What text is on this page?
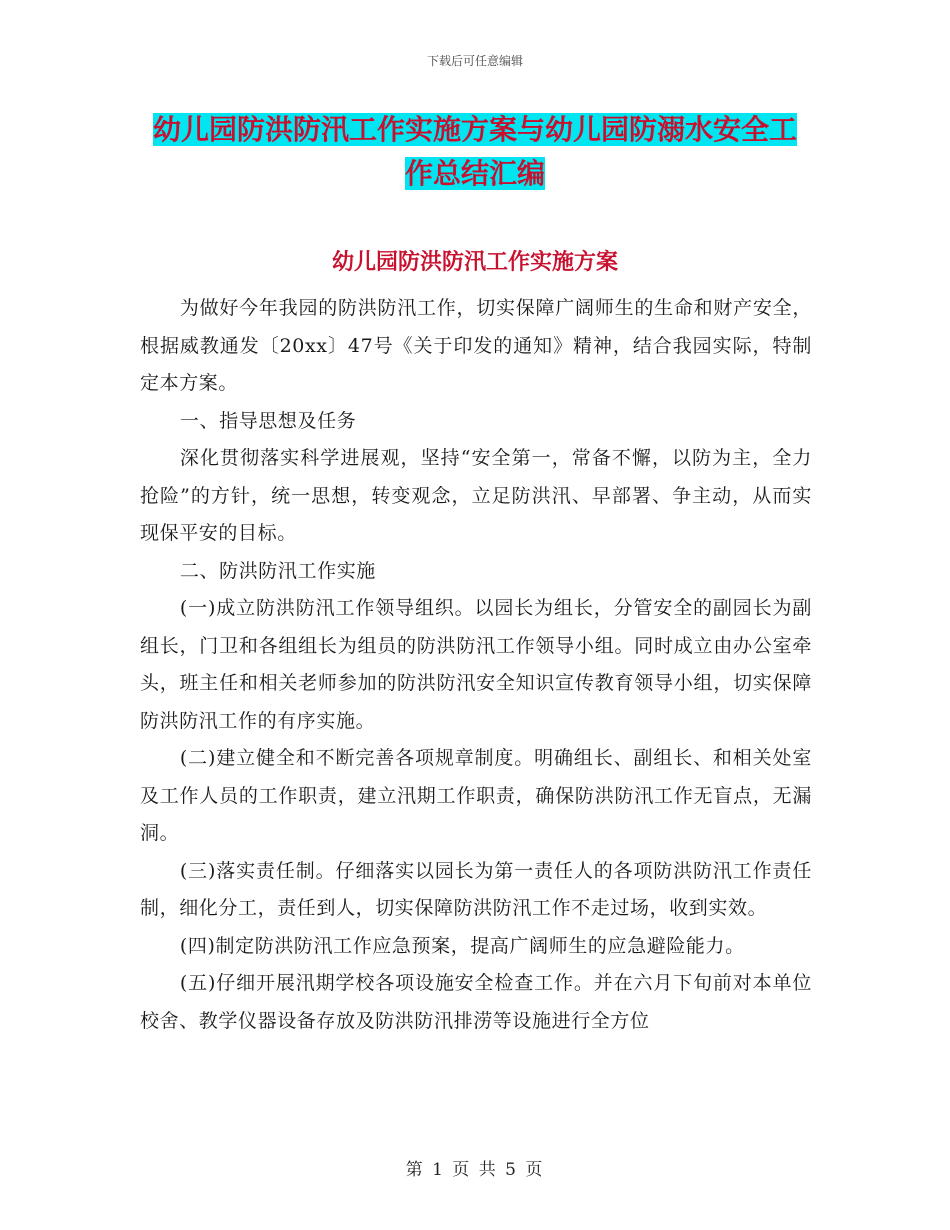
下载后可任意编辑
幼儿园防洪防汛工作实施方案与幼儿园防溺水安全工
作总结汇编
幼儿园防洪防汛工作实施方案

为做好今年我园的防洪防汛工作，切实保障广阔师生的生命和财产安全，根据威教通发〔20xx〕47号《关于印发的通知》精神，结合我园实际，特制定本方案。

一、指导思想及任务

深化贯彻落实科学进展观，坚持“安全第一，常备不懈，以防为主，全力抢险”的方针，统一思想，转变观念，立足防洪汛、早部署、争主动，从而实现保平安的目标。

二、防洪防汛工作实施

(一)成立防洪防汛工作领导组织。以园长为组长，分管安全的副园长为副组长，门卫和各组组长为组员的防洪防汛工作领导小组。同时成立由办公室牵头，班主任和相关老师参加的防洪防汛安全知识宣传教育领导小组，切实保障防洪防汛工作的有序实施。

(二)建立健全和不断完善各项规章制度。明确组长、副组长、和相关处室及工作人员的工作职责，建立汛期工作职责，确保防洪防汛工作无盲点，无漏洞。

(三)落实责任制。仔细落实以园长为第一责任人的各项防洪防汛工作责任制，细化分工，责任到人，切实保障防洪防汛工作不走过场，收到实效。

(四)制定防洪防汛工作应急预案，提高广阔师生的应急避险能力。

(五)仔细开展汛期学校各项设施安全检查工作。并在六月下旬前对本单位校舍、教学仪器设备存放及防洪防汛排涝等设施进行全方位

第 1 页 共 5 页
